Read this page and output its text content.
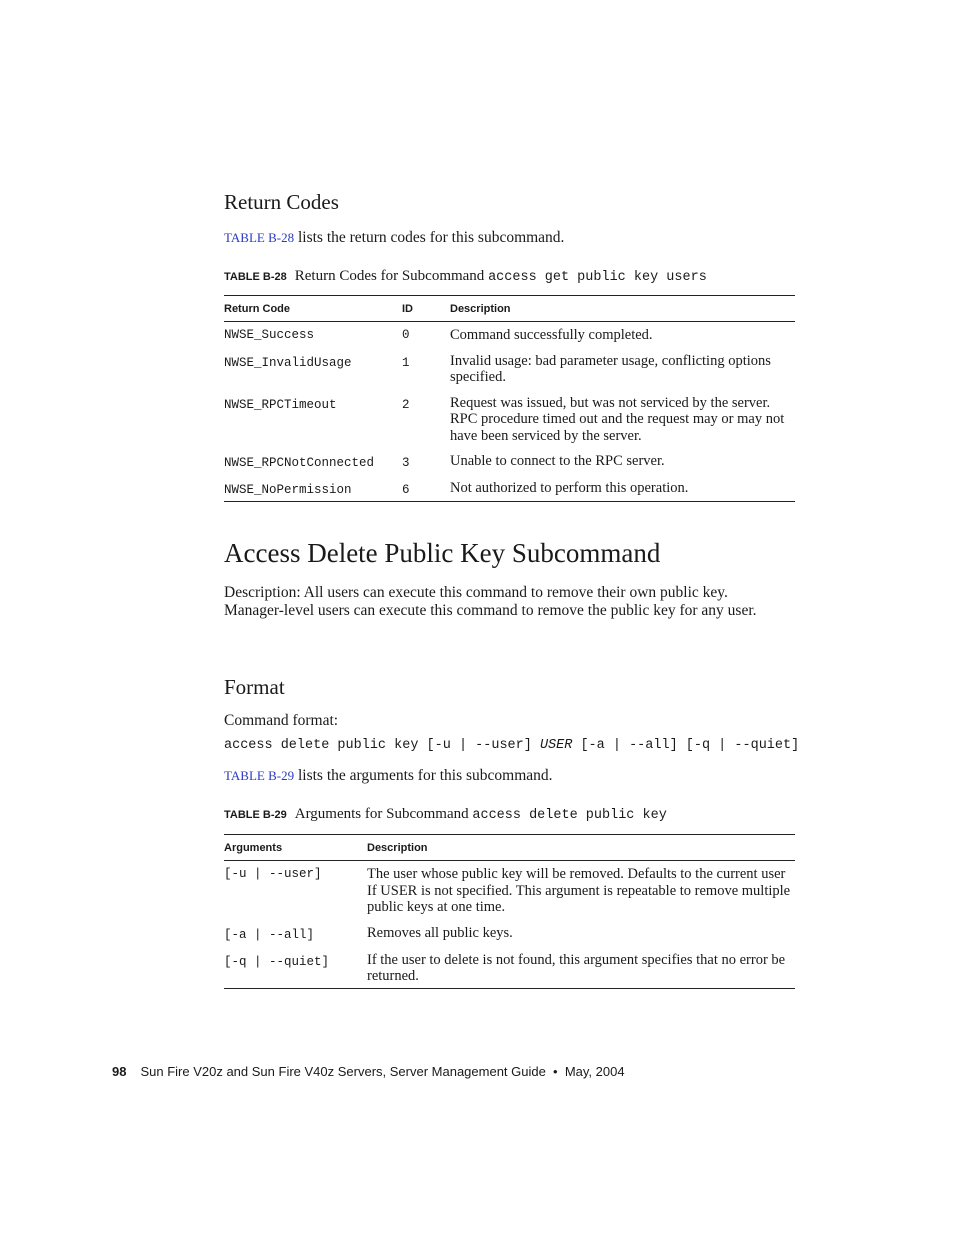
Return Codes
TABLE B-28 lists the return codes for this subcommand.
TABLE B-28 Return Codes for Subcommand access get public key users
Return Code	ID	Description
NWSE_Success	0	Command successfully completed.
NWSE_InvalidUsage	1	Invalid usage: bad parameter usage, conflicting options specified.
NWSE_RPCTimeout	2	Request was issued, but was not serviced by the server. RPC procedure timed out and the request may or may not have been serviced by the server.
NWSE_RPCNotConnected	3	Unable to connect to the RPC server.
NWSE_NoPermission	6	Not authorized to perform this operation.
Access Delete Public Key Subcommand
Description: All users can execute this command to remove their own public key. Manager-level users can execute this command to remove the public key for any user.
Format
Command format:
access delete public key [-u | --user] USER [-a | --all] [-q | --quiet]
TABLE B-29 lists the arguments for this subcommand.
TABLE B-29 Arguments for Subcommand access delete public key
Arguments	Description
[-u | --user]	The user whose public key will be removed. Defaults to the current user If USER is not specified. This argument is repeatable to remove multiple public keys at one time.
[-a | --all]	Removes all public keys.
[-q | --quiet]	If the user to delete is not found, this argument specifies that no error be returned.
98 Sun Fire V20z and Sun Fire V40z Servers, Server Management Guide  •  May, 2004
